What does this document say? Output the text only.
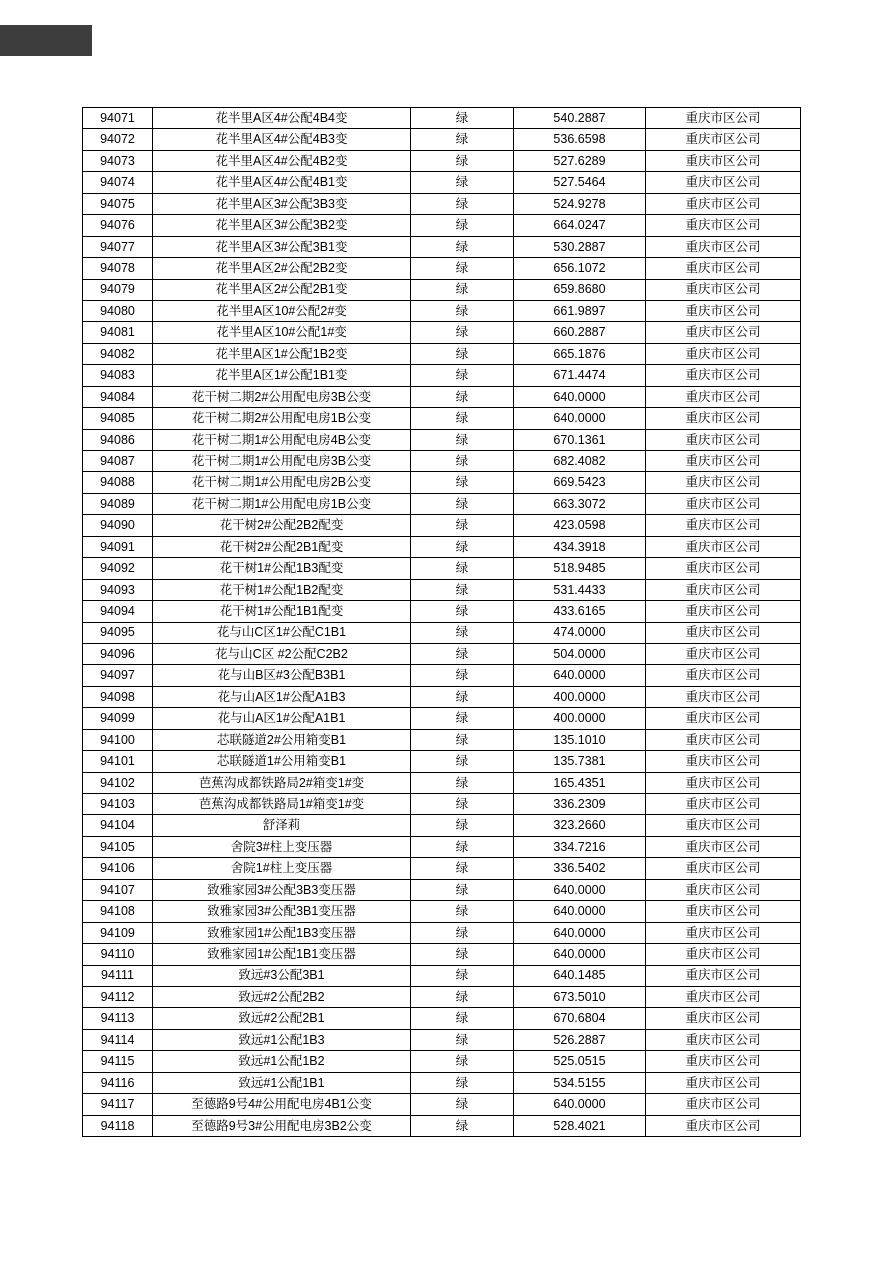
94071	花半里A区4#公配4B4变	绿	540.2887	重庆市区公司
94072	花半里A区4#公配4B3变	绿	536.6598	重庆市区公司
94073	花半里A区4#公配4B2变	绿	527.6289	重庆市区公司
94074	花半里A区4#公配4B1变	绿	527.5464	重庆市区公司
94075	花半里A区3#公配3B3变	绿	524.9278	重庆市区公司
94076	花半里A区3#公配3B2变	绿	664.0247	重庆市区公司
94077	花半里A区3#公配3B1变	绿	530.2887	重庆市区公司
94078	花半里A区2#公配2B2变	绿	656.1072	重庆市区公司
94079	花半里A区2#公配2B1变	绿	659.8680	重庆市区公司
94080	花半里A区10#公配2#变	绿	661.9897	重庆市区公司
94081	花半里A区10#公配1#变	绿	660.2887	重庆市区公司
94082	花半里A区1#公配1B2变	绿	665.1876	重庆市区公司
94083	花半里A区1#公配1B1变	绿	671.4474	重庆市区公司
94084	花干树二期2#公用配电房3B公变	绿	640.0000	重庆市区公司
94085	花干树二期2#公用配电房1B公变	绿	640.0000	重庆市区公司
94086	花干树二期1#公用配电房4B公变	绿	670.1361	重庆市区公司
94087	花干树二期1#公用配电房3B公变	绿	682.4082	重庆市区公司
94088	花干树二期1#公用配电房2B公变	绿	669.5423	重庆市区公司
94089	花干树二期1#公用配电房1B公变	绿	663.3072	重庆市区公司
94090	花干树2#公配2B2配变	绿	423.0598	重庆市区公司
94091	花干树2#公配2B1配变	绿	434.3918	重庆市区公司
94092	花干树1#公配1B3配变	绿	518.9485	重庆市区公司
94093	花干树1#公配1B2配变	绿	531.4433	重庆市区公司
94094	花干树1#公配1B1配变	绿	433.6165	重庆市区公司
94095	花与山C区1#公配C1B1	绿	474.0000	重庆市区公司
94096	花与山C区 #2公配C2B2	绿	504.0000	重庆市区公司
94097	花与山B区#3公配B3B1	绿	640.0000	重庆市区公司
94098	花与山A区1#公配A1B3	绿	400.0000	重庆市区公司
94099	花与山A区1#公配A1B1	绿	400.0000	重庆市区公司
94100	芯联隧道2#公用箱变B1	绿	135.1010	重庆市区公司
94101	芯联隧道1#公用箱变B1	绿	135.7381	重庆市区公司
94102	芭蕉沟成都铁路局2#箱变1#变	绿	165.4351	重庆市区公司
94103	芭蕉沟成都铁路局1#箱变1#变	绿	336.2309	重庆市区公司
94104	舒泽莉	绿	323.2660	重庆市区公司
94105	舍院3#柱上变压器	绿	334.7216	重庆市区公司
94106	舍院1#柱上变压器	绿	336.5402	重庆市区公司
94107	致雅家园3#公配3B3变压器	绿	640.0000	重庆市区公司
94108	致雅家园3#公配3B1变压器	绿	640.0000	重庆市区公司
94109	致雅家园1#公配1B3变压器	绿	640.0000	重庆市区公司
94110	致雅家园1#公配1B1变压器	绿	640.0000	重庆市区公司
94111	致远#3公配3B1	绿	640.1485	重庆市区公司
94112	致远#2公配2B2	绿	673.5010	重庆市区公司
94113	致远#2公配2B1	绿	670.6804	重庆市区公司
94114	致远#1公配1B3	绿	526.2887	重庆市区公司
94115	致远#1公配1B2	绿	525.0515	重庆市区公司
94116	致远#1公配1B1	绿	534.5155	重庆市区公司
94117	至德路9号4#公用配电房4B1公变	绿	640.0000	重庆市区公司
94118	至德路9号3#公用配电房3B2公变	绿	528.4021	重庆市区公司
